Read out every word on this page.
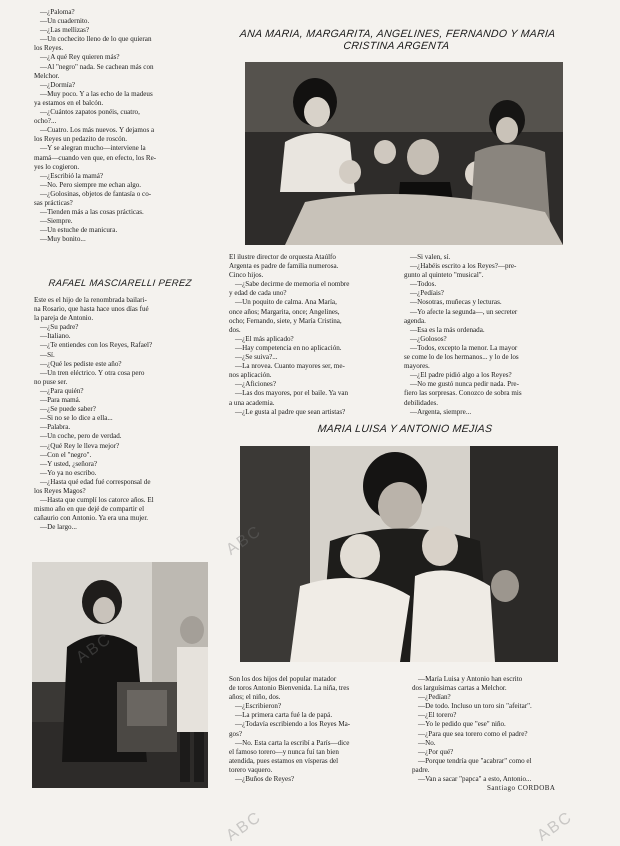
—¿Paloma?

—Un cuadernito.

—¿Las mellizas?

—Un cochecito lleno de lo que quieran

los Reyes.

—¿A qué Rey quieren más?

—Al "negro" nada. Se cachean más con

Melchor.

—¿Dormía?

—Muy poco. Y a las echo de la madeus

ya estamos en el balcón.

—¿Cuántos zapatos ponéis, cuatro,

ocho?...

—Cuatro. Los más nuevos. Y dejamos a

los Reyes un pedazito de roscón.

—Y se alegran mucho—interviene la

mamá—cuando ven que, en efecto, los Re-

yes lo cogieron.

—¿Escribió la mamá?

—No. Pero siempre me echan algo.

—¿Golosinas, objetos de fantasía o co-

sas prácticas?

—Tienden más a las cosas prácticas.

—Siempre.

—Un estuche de manicura.

—Muy bonito...

RAFAEL MASCIARELLI PEREZ

Este es el hijo de la renombrada bailari-

na Rosario, que hasta hace unos días fué

la pareja de Antonio.

—¿Su padre?

—Italiano.

—¿Te entiendes con los Reyes, Rafael?

—Sí.

—¿Qué les pediste este año?

—Un tren eléctrico. Y otra cosa pero

no puse ser.

—¿Para quién?

—Para mamá.

—¿Se puede saber?

—Si no se lo dice a ella...

—Palabra.

—Un coche, pero de verdad.

—¿Qué Rey le lleva mejor?

—Con el "negro".

—Y usted, ¿señora?

—Yo ya no escribo.

—¿Hasta qué edad fué corresponsal de

los Reyes Magos?

—Hasta que cumplí los catorce años. El

mismo año en que dejé de compartir el

cañaurio con Antonio. Ya era una mujer.

—De largo...

ANA MARIA, MARGARITA, ANGELINES, FERNANDO Y MARIA CRISTINA ARGENTA

El ilustre director de orquesta Ataúlfo

Argenta es padre de familia numerosa.

Cinco hijos.

—¿Sabe decirme de memoria el nombre

y edad de cada uno?

—Un poquito de calma. Ana María,

once años; Margarita, once; Angelines,

ocho; Fernando, siete, y María Cristina,

dos.

—¿El más aplicado?

—Hay competencia en no aplicación.

—¿Se suiva?...

—La nrovea. Cuanto mayores ser, me-

nos aplicación.

—¿Aficiones?

—Las dos mayores, por el baile. Ya van

a una academia.

—¿Le gusta al padre que sean artistas?

—Si valen, sí.

—¿Habéis escrito a los Reyes?—pre-

gunto al quinteto "musical".

—Todos.

—¿Pedíais?

—Nosotras, muñecas y lecturas.

—Yo afecte la segunda—, un secreter

agenda.

—Esa es la más ordenada.

—¿Golosos?

—Todos, excepto la menor. La mayor

se come lo de los hermanos... y lo de los

mayores.

—¿El padre pidió algo a los Reyes?

—No me gustó nunca pedir nada. Pre-

fiero las sorpresas. Conozco de sobra mis

debilidades.

—Argenta, siempre...

MARIA LUISA Y ANTONIO MEJIAS

Son los dos hijos del popular matador

de toros Antonio Bienvenida. La niña, tres

años; el niño, dos.

—¿Escribieron?

—La primera carta fué la de papá.

—¿Todavía escribiendo a los Reyes Ma-

gos?

—No. Esta carta la escribí a París—dice

el famoso torero—y nunca fuí tan bien

atendida, pues estamos en vísperas del

torero vaquero.

—¿Buños de Reyes?

—María Luisa y Antonio han escrito

dos larguísimas cartas a Melchor.

—¿Pedían?

—De todo. Incluso un toro sin "afeitar".

—¿El torero?

—Yo le pedido que "ese" niño.

—¿Para que sea torero como el padre?

—No.

—¿Por qué?

—Porque tendría que "acabrar" como el

padre.

—Van a sacar "papca" a esto, Antonio...

Santiago CORDOBA
ABC
ABC
ABC	ABC
